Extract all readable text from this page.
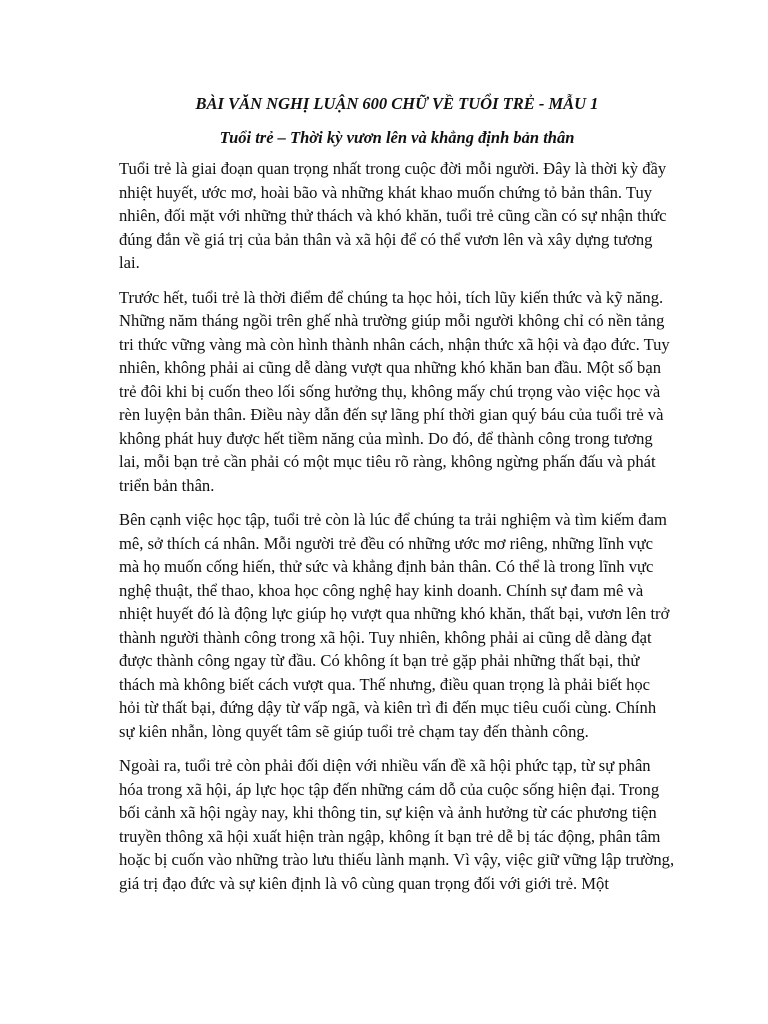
BÀI VĂN NGHỊ LUẬN 600 CHỮ VỀ TUỔI TRẺ - MẪU 1
Tuổi trẻ – Thời kỳ vươn lên và khẳng định bản thân

Tuổi trẻ là giai đoạn quan trọng nhất trong cuộc đời mỗi người. Đây là thời kỳ đầy nhiệt huyết, ước mơ, hoài bão và những khát khao muốn chứng tỏ bản thân. Tuy nhiên, đối mặt với những thử thách và khó khăn, tuổi trẻ cũng cần có sự nhận thức đúng đắn về giá trị của bản thân và xã hội để có thể vươn lên và xây dựng tương lai.

Trước hết, tuổi trẻ là thời điểm để chúng ta học hỏi, tích lũy kiến thức và kỹ năng. Những năm tháng ngồi trên ghế nhà trường giúp mỗi người không chỉ có nền tảng tri thức vững vàng mà còn hình thành nhân cách, nhận thức xã hội và đạo đức. Tuy nhiên, không phải ai cũng dễ dàng vượt qua những khó khăn ban đầu. Một số bạn trẻ đôi khi bị cuốn theo lối sống hưởng thụ, không mấy chú trọng vào việc học và rèn luyện bản thân. Điều này dẫn đến sự lãng phí thời gian quý báu của tuổi trẻ và không phát huy được hết tiềm năng của mình. Do đó, để thành công trong tương lai, mỗi bạn trẻ cần phải có một mục tiêu rõ ràng, không ngừng phấn đấu và phát triển bản thân.

Bên cạnh việc học tập, tuổi trẻ còn là lúc để chúng ta trải nghiệm và tìm kiếm đam mê, sở thích cá nhân. Mỗi người trẻ đều có những ước mơ riêng, những lĩnh vực mà họ muốn cống hiến, thử sức và khẳng định bản thân. Có thể là trong lĩnh vực nghệ thuật, thể thao, khoa học công nghệ hay kinh doanh. Chính sự đam mê và nhiệt huyết đó là động lực giúp họ vượt qua những khó khăn, thất bại, vươn lên trở thành người thành công trong xã hội. Tuy nhiên, không phải ai cũng dễ dàng đạt được thành công ngay từ đầu. Có không ít bạn trẻ gặp phải những thất bại, thử thách mà không biết cách vượt qua. Thế nhưng, điều quan trọng là phải biết học hỏi từ thất bại, đứng dậy từ vấp ngã, và kiên trì đi đến mục tiêu cuối cùng. Chính sự kiên nhẫn, lòng quyết tâm sẽ giúp tuổi trẻ chạm tay đến thành công.

Ngoài ra, tuổi trẻ còn phải đối diện với nhiều vấn đề xã hội phức tạp, từ sự phân hóa trong xã hội, áp lực học tập đến những cám dỗ của cuộc sống hiện đại. Trong bối cảnh xã hội ngày nay, khi thông tin, sự kiện và ảnh hưởng từ các phương tiện truyền thông xã hội xuất hiện tràn ngập, không ít bạn trẻ dễ bị tác động, phân tâm hoặc bị cuốn vào những trào lưu thiếu lành mạnh. Vì vậy, việc giữ vững lập trường, giá trị đạo đức và sự kiên định là vô cùng quan trọng đối với giới trẻ. Một
